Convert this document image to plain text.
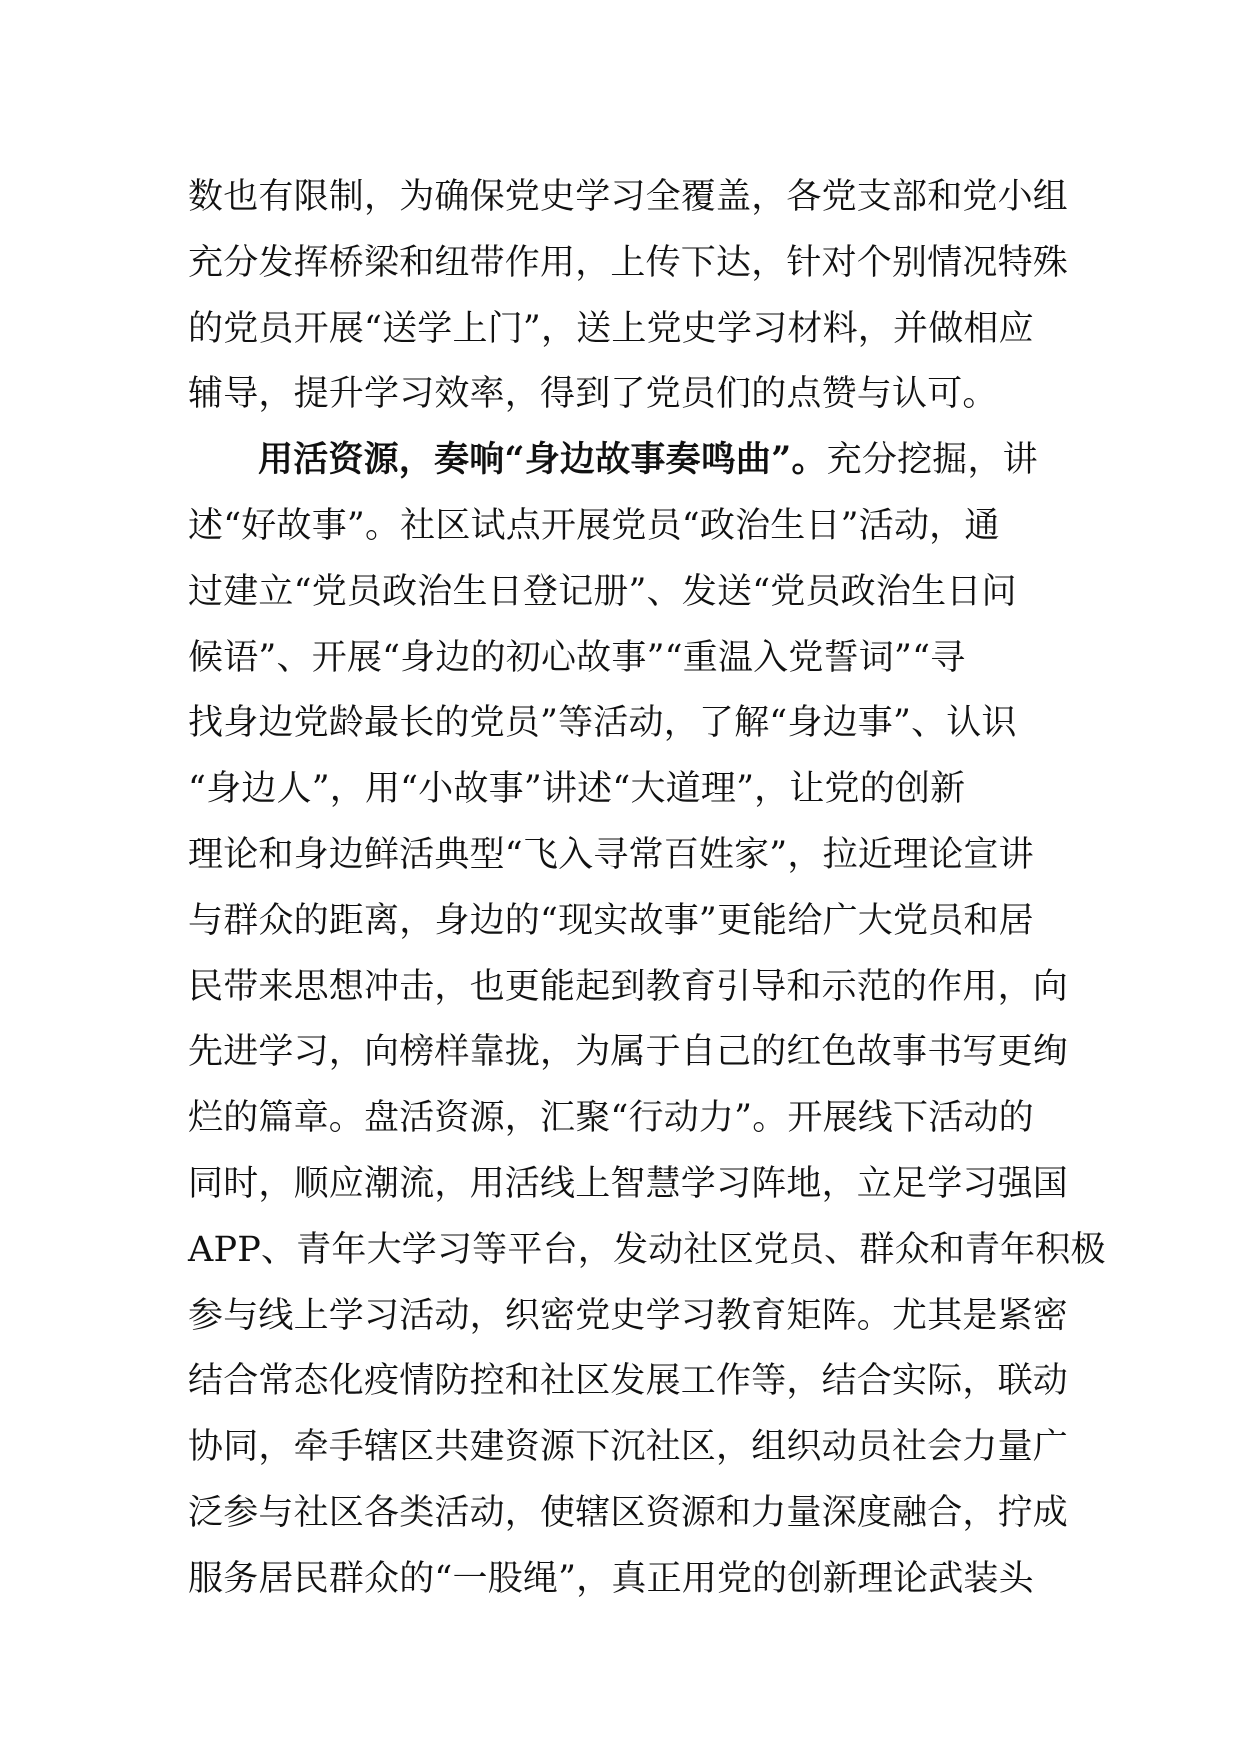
数也有限制，为确保党史学习全覆盖，各党支部和党小组

充分发挥桥梁和纽带作用，上传下达，针对个别情况特殊

的党员开展“送学上门”，送上党史学习材料，并做相应

辅导，提升学习效率，得到了党员们的点赞与认可。

用活资源，奏响“身边故事奏鸣曲”。充分挖掘，讲

述“好故事”。社区试点开展党员“政治生日”活动，通

过建立“党员政治生日登记册”、发送“党员政治生日问

候语”、开展“身边的初心故事”“重温入党誓词”“寻

找身边党龄最长的党员”等活动，了解“身边事”、认识

“身边人”，用“小故事”讲述“大道理”，让党的创新

理论和身边鲜活典型“飞入寻常百姓家”，拉近理论宣讲

与群众的距离，身边的“现实故事”更能给广大党员和居

民带来思想冲击，也更能起到教育引导和示范的作用，向

先进学习，向榜样靠拢，为属于自己的红色故事书写更绚

烂的篇章。盘活资源，汇聚“行动力”。开展线下活动的

同时，顺应潮流，用活线上智慧学习阵地，立足学习强国

APP、青年大学习等平台，发动社区党员、群众和青年积极

参与线上学习活动，织密党史学习教育矩阵。尤其是紧密

结合常态化疫情防控和社区发展工作等，结合实际，联动

协同，牵手辖区共建资源下沉社区，组织动员社会力量广

泛参与社区各类活动，使辖区资源和力量深度融合，拧成

服务居民群众的“一股绳”，真正用党的创新理论武装头
